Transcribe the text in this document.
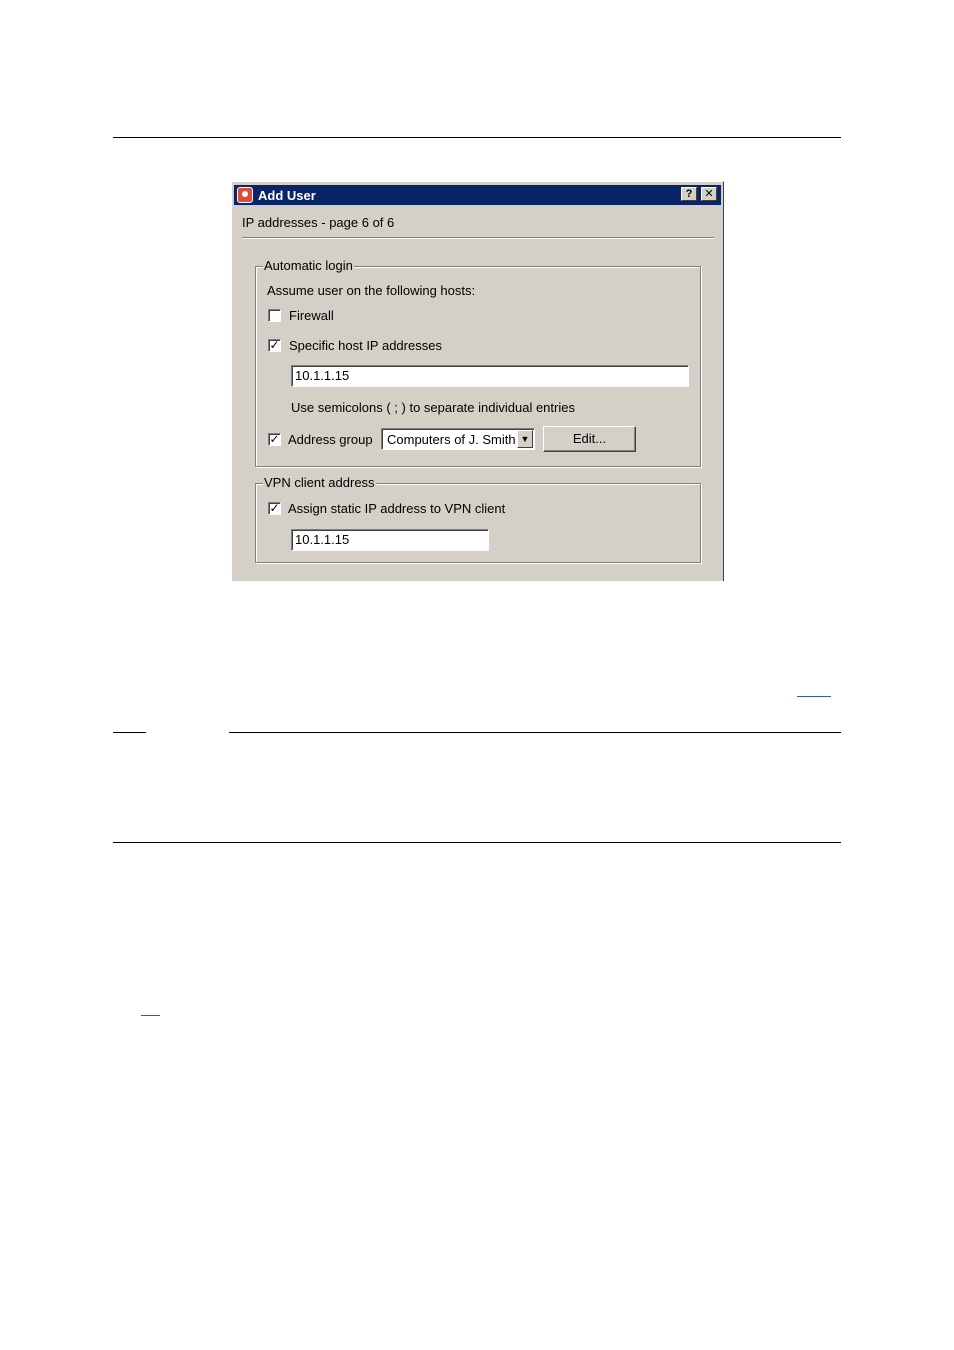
Add User	?	✕
IP addresses - page 6 of 6
Automatic login
Assume user on the following hosts:
Firewall
✓ Specific host IP addresses
10.1.1.15
Use semicolons ( ; ) to separate individual entries
✓ Address group Computers of J. Smith ▼	Edit...
VPN client address
✓ Assign static IP address to VPN client
10.1.1.15
